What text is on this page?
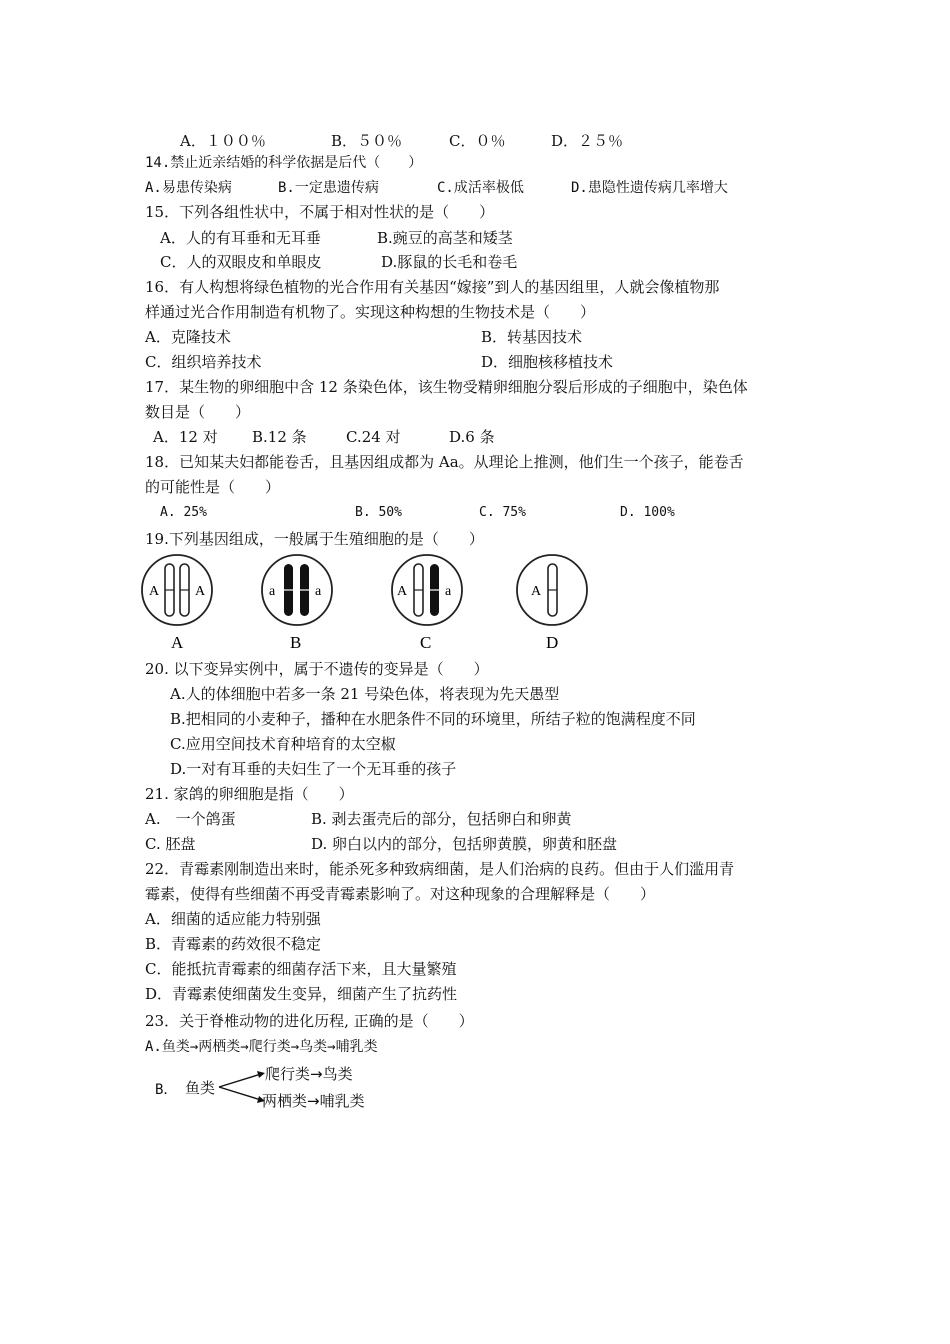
A．１００％	B．５０％	C．０％	D．２５％
14.禁止近亲结婚的科学依据是后代（　　）
A.易患传染病	B.一定患遗传病	C.成活率极低	D.患隐性遗传病几率增大
15．下列各组性状中，不属于相对性状的是（　　）
A．人的有耳垂和无耳垂	B.豌豆的高茎和矮茎
C．人的双眼皮和单眼皮	D.豚鼠的长毛和卷毛
16．有人构想将绿色植物的光合作用有关基因“嫁接”到人的基因组里，人就会像植物那
样通过光合作用制造有机物了。实现这种构想的生物技术是（　　）
A．克隆技术	B．转基因技术
C．组织培养技术	D．细胞核移植技术
17．某生物的卵细胞中含 12 条染色体，该生物受精卵细胞分裂后形成的子细胞中，染色体
数目是（　　）
A．12 对 B.12 条	C.24 对	D.6 条
18．已知某夫妇都能卷舌，且基因组成都为 Aa。从理论上推测，他们生一个孩子，能卷舌
的可能性是（　　）
A. 25%	B. 50%	C. 75%	D. 100%
19.下列基因组成，一般属于生殖细胞的是（　　）
A	A
A
a	a
B
A	a
C
A
D
20. 以下变异实例中，属于不遗传的变异是（　　）
A.人的体细胞中若多一条 21 号染色体，将表现为先天愚型
B.把相同的小麦种子，播种在水肥条件不同的环境里，所结子粒的饱满程度不同
C.应用空间技术育种培育的太空椒
D.一对有耳垂的夫妇生了一个无耳垂的孩子
21. 家鸽的卵细胞是指（　　）
A.　一个鸽蛋	B. 剥去蛋壳后的部分，包括卵白和卵黄
C. 胚盘	D. 卵白以内的部分，包括卵黄膜，卵黄和胚盘
22．青霉素刚制造出来时，能杀死多种致病细菌，是人们治病的良药。但由于人们滥用青
霉素，使得有些细菌不再受青霉素影响了。对这种现象的合理解释是（　　）
A．细菌的适应能力特别强
B．青霉素的药效很不稳定
C．能抵抗青霉素的细菌存活下来，且大量繁殖
D．青霉素使细菌发生变异，细菌产生了抗药性
23．关于脊椎动物的进化历程, 正确的是（　　）
A.鱼类→两栖类→爬行类→鸟类→哺乳类
B． 鱼类
爬行类→鸟类
两栖类→哺乳类
